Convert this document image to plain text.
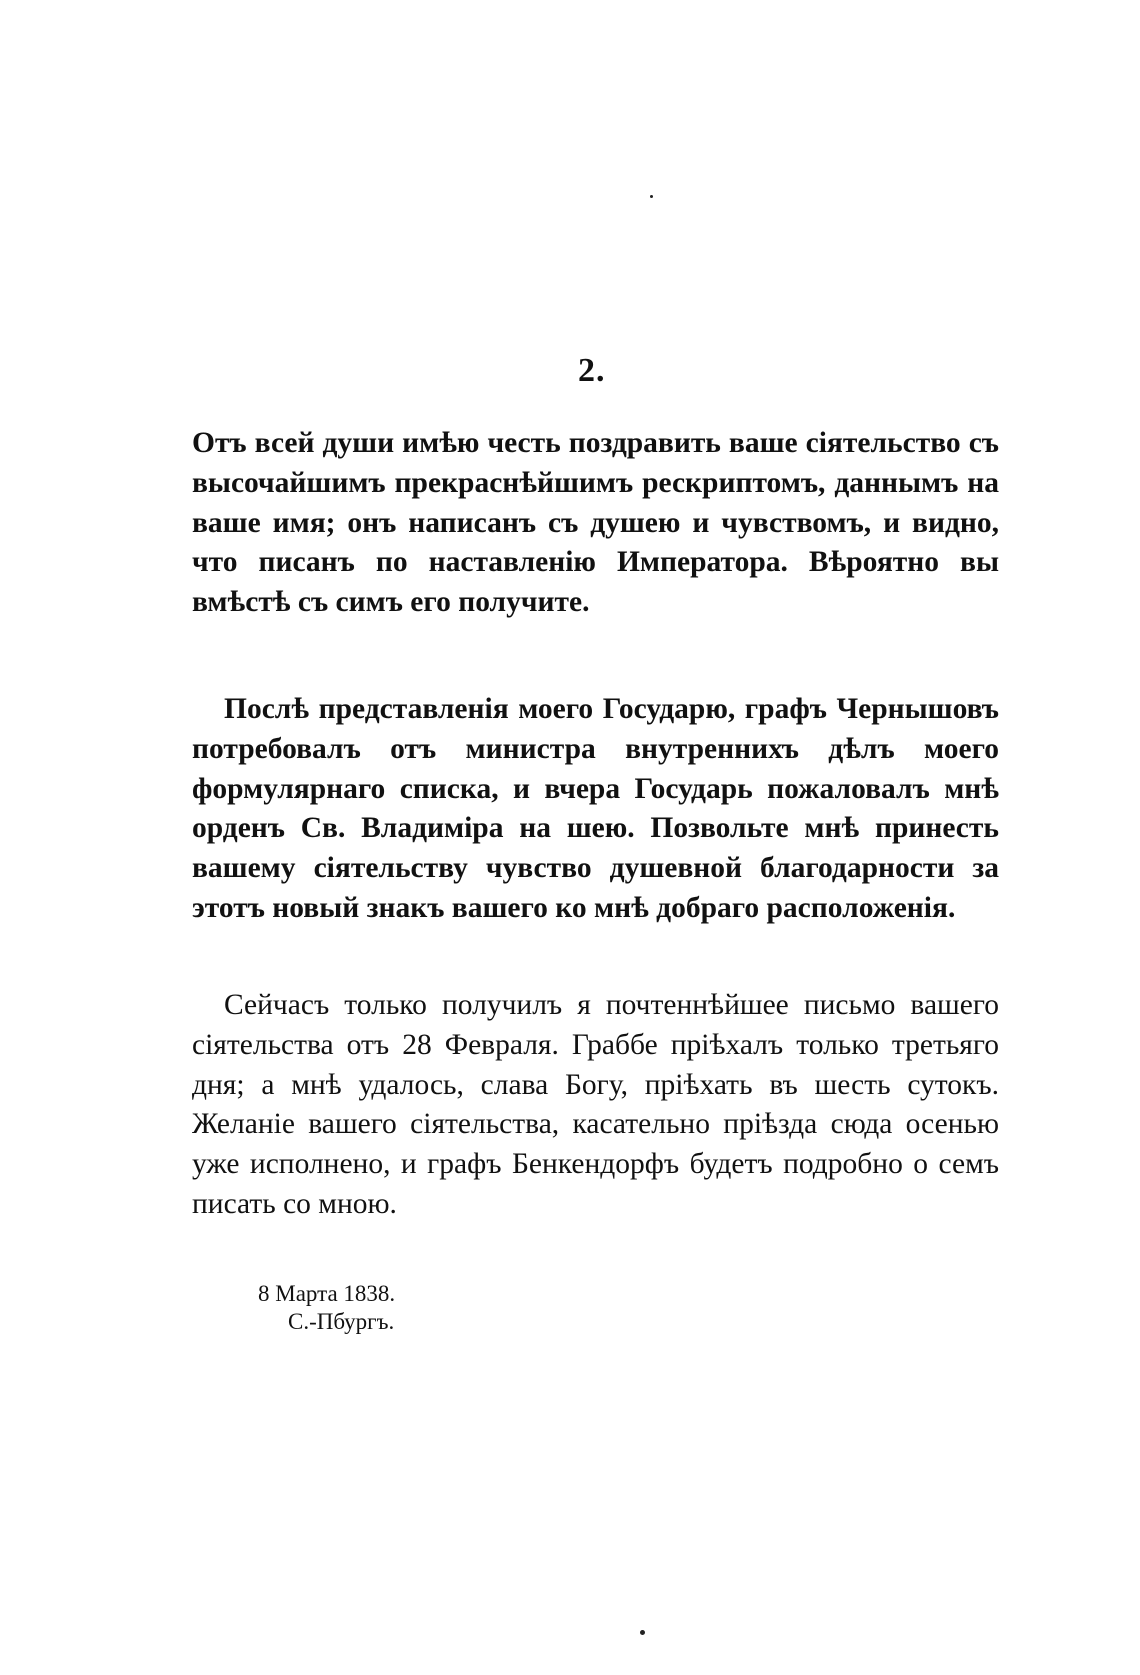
2.

Отъ всей души имѣю честь поздравить ваше сіятельство съ высочайшимъ прекраснѣйшимъ рескриптомъ, даннымъ на ваше имя; онъ написанъ съ душею и чувствомъ, и видно, что писанъ по наставленію Императора. Вѣроятно вы вмѣстѣ съ симъ его получите.

Послѣ представленія моего Государю, графъ Чернышовъ потребовалъ отъ министра внутреннихъ дѣлъ моего формулярнаго списка, и вчера Государь пожаловалъ мнѣ орденъ Св. Владиміра на шею. Позвольте мнѣ принесть вашему сіятельству чувство душевной благодарности за этотъ новый знакъ вашего ко мнѣ добраго расположенія.

Сейчасъ только получилъ я почтеннѣйшее письмо вашего сіятельства отъ 28 Февраля. Граббе пріѣхалъ только третьяго дня; а мнѣ удалось, слава Богу, пріѣхать въ шесть сутокъ. Желаніе вашего сіятельства, касательно пріѣзда сюда осенью уже исполнено, и графъ Бенкендорфъ будетъ подробно о семъ писать со мною.

8 Марта 1838.
С.-Пбургъ.
